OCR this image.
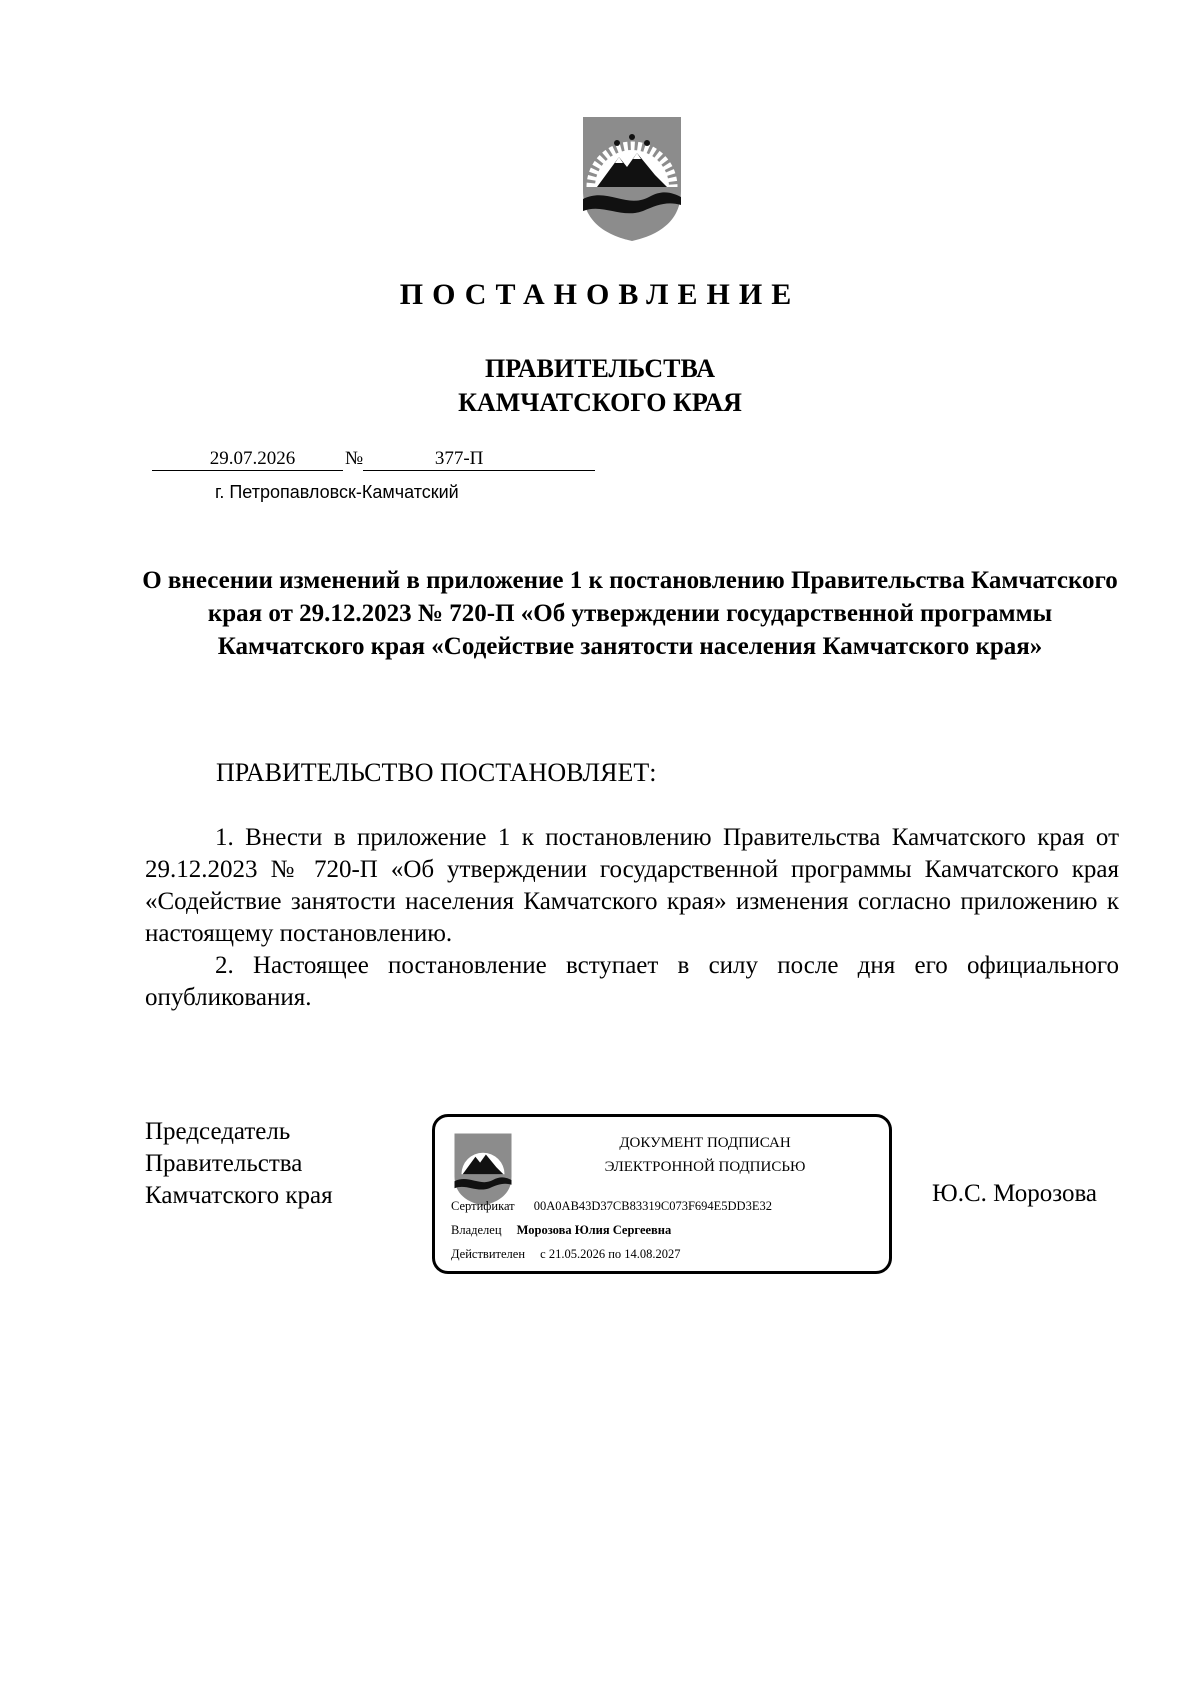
ПОСТАНОВЛЕНИЕ
ПРАВИТЕЛЬСТВА
КАМЧАТСКОГО КРАЯ
29.07.2026	№	377-П
г. Петропавловск-Камчатский
О внесении изменений в приложение 1 к постановлению Правительства Камчатского края от 29.12.2023 № 720-П «Об утверждении государственной программы Камчатского края «Содействие занятости населения Камчатского края»
ПРАВИТЕЛЬСТВО ПОСТАНОВЛЯЕТ:
1. Внести в приложение 1 к постановлению Правительства Камчатского края от 29.12.2023 № 720-П «Об утверждении государственной программы Камчатского края «Содействие занятости населения Камчатского края» изменения согласно приложению к настоящему постановлению.
2. Настоящее постановление вступает в силу после дня его официального опубликования.
Председатель
Правительства
Камчатского края
ДОКУМЕНТ ПОДПИСАН
ЭЛЕКТРОННОЙ ПОДПИСЬЮ
Сертификат 00A0AB43D37CB83319C073F694E5DD3E32
Владелец Морозова Юлия Сергеевна
Действителен с 21.05.2026 по 14.08.2027
Ю.С. Морозова
